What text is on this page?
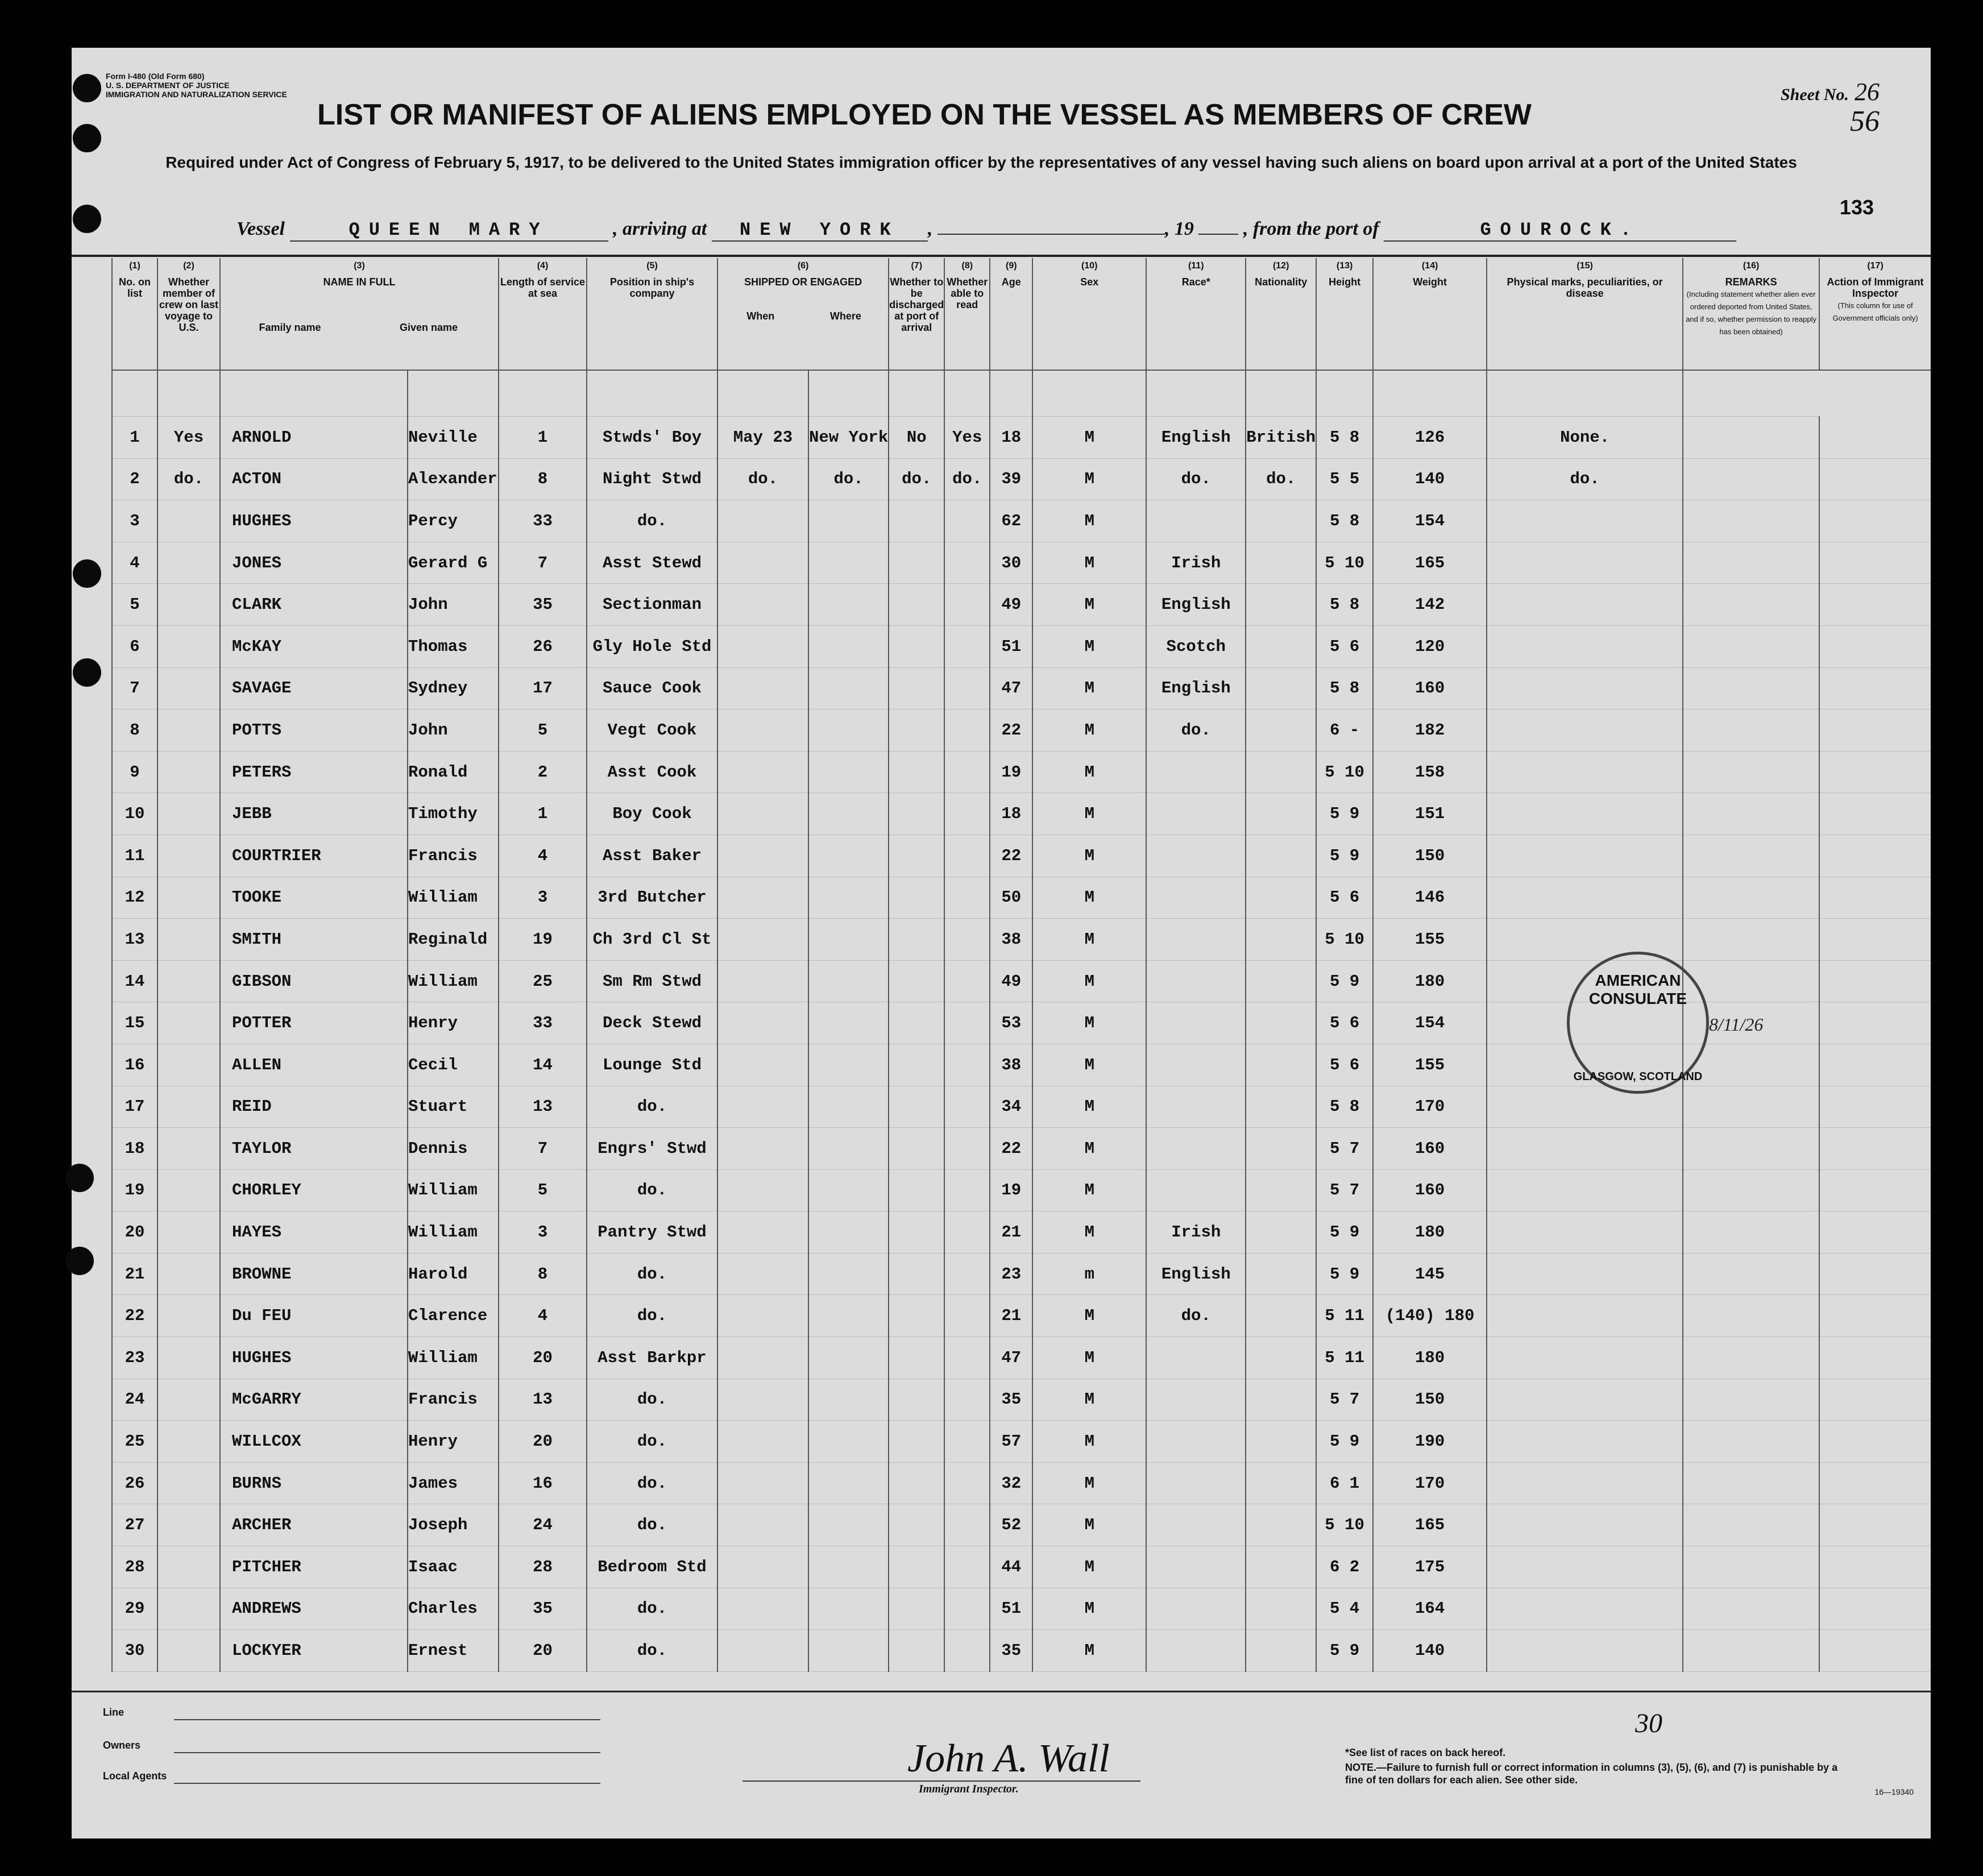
Form I-480 (Old Form 680)
U. S. DEPARTMENT OF JUSTICE
IMMIGRATION AND NATURALIZATION SERVICE	Sheet No. 26
56
LIST OR MANIFEST OF ALIENS EMPLOYED ON THE VESSEL AS MEMBERS OF CREW
Required under Act of Congress of February 5, 1917, to be delivered to the United States immigration officer by the representatives of any vessel having such aliens on board upon arrival at a port of the United States
133
Vessel	QUEEN MARY	, arriving at NEW YORK ,	, 19	, from the port of	GOUROCK.
(1)
No. on list	(2)
Whether member of crew on last voyage to U.S.	(3)
NAME IN FULL

Family name Given name		(4)
Length of service at sea	(5)
Position in ship's company	(6)
SHIPPED OR ENGAGED

When Where		(7)
Whether to be discharged at port of arrival	(8)
Whether able to read	(9)
Age	(10)
Sex	(11)
Race*	(12)
Nationality	(13)
Height	(14)
Weight	(15)
Physical marks, peculiarities, or disease	(16)
REMARKS
(Including statement whether alien ever ordered deported from United States, and if so, whether permission to reapply has been obtained)	(17)
Action of Immigrant Inspector
(This column for use of Government officials only)

1	Yes	ARNOLD	Neville	1	Stwds' Boy	May 23	New York	No	Yes	18	M	English	British	5 8	126	None.		
2	do.	ACTON	Alexander	8	Night Stwd	do.	do.	do.	do.	39	M	do.	do.	5 5	140	do.		
3		HUGHES	Percy	33	do.					62	M			5 8	154			
4		JONES	Gerard G	7	Asst Stewd					30	M	Irish		5 10	165			
5		CLARK	John	35	Sectionman					49	M	English		5 8	142			
6		McKAY	Thomas	26	Gly Hole Std					51	M	Scotch		5 6	120			
7		SAVAGE	Sydney	17	Sauce Cook					47	M	English		5 8	160			
8		POTTS	John	5	Vegt Cook					22	M	do.		6 -	182			
9		PETERS	Ronald	2	Asst Cook					19	M			5 10	158			
10		JEBB	Timothy	1	Boy Cook					18	M			5 9	151			
11		COURTRIER	Francis	4	Asst Baker					22	M			5 9	150			
12		TOOKE	William	3	3rd Butcher					50	M			5 6	146			
13		SMITH	Reginald	19	Ch 3rd Cl St					38	M			5 10	155			
14		GIBSON	William	25	Sm Rm Stwd					49	M			5 9	180			
15		POTTER	Henry	33	Deck Stewd					53	M			5 6	154			
16		ALLEN	Cecil	14	Lounge Std					38	M			5 6	155			
17		REID	Stuart	13	do.					34	M			5 8	170			
18		TAYLOR	Dennis	7	Engrs' Stwd					22	M			5 7	160			
19		CHORLEY	William	5	do.					19	M			5 7	160			
20		HAYES	William	3	Pantry Stwd					21	M	Irish		5 9	180			
21		BROWNE	Harold	8	do.					23	m	English		5 9	145			
22		Du FEU	Clarence	4	do.					21	M	do.		5 11	(140) 180			
23		HUGHES	William	20	Asst Barkpr					47	M			5 11	180			
24		McGARRY	Francis	13	do.					35	M			5 7	150			
25		WILLCOX	Henry	20	do.					57	M			5 9	190			
26		BURNS	James	16	do.					32	M			6 1	170			
27		ARCHER	Joseph	24	do.					52	M			5 10	165			
28		PITCHER	Isaac	28	Bedroom Std					44	M			6 2	175			
29		ANDREWS	Charles	35	do.					51	M			5 4	164			
30		LOCKYER	Ernest	20	do.					35	M			5 9	140			
AMERICAN CONSULATE
GLASGOW, SCOTLAND
8/11/26
Line
Owners
Local Agents	John A. Wall
Immigrant Inspector.
30
*See list of races on back hereof.
NOTE.—Failure to furnish full or correct information in columns (3), (5), (6), and (7) is punishable by a fine of ten dollars for each alien. See other side.
16—19340
